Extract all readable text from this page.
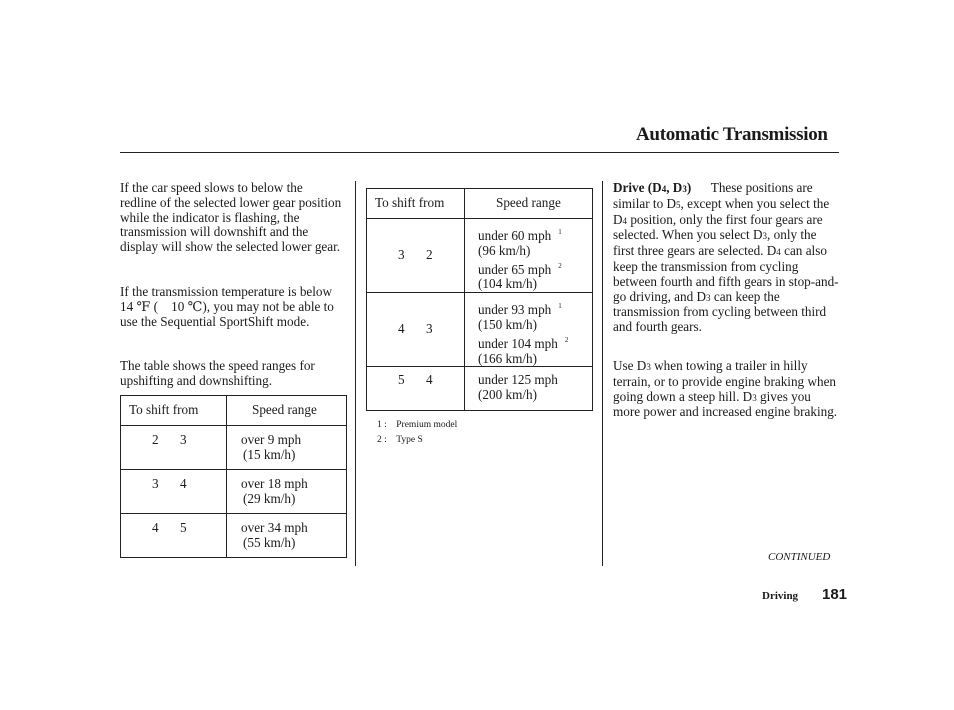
Automatic Transmission

If the car speed slows to below the redline of the selected lower gear position while the indicator is flashing, the transmission will downshift and the display will show the selected lower gear.

If the transmission temperature is below 14 ℉ (　10 ℃), you may not be able to use the Sequential SportShift mode.

The table shows the speed ranges for upshifting and downshifting.

To shift from	Speed range
2 3	over 9 mph
(15 km/h)

3 4	over 18 mph
(29 km/h)

4 5	over 34 mph
(55 km/h)
To shift from	Speed range
3 2	under 60 mph $^1$
(96 km/h)
under 65 mph $^2$
(104 km/h)

4 3	under 93 mph $^1$
(150 km/h)
under 104 mph $^2$
(166 km/h)

5 4	under 125 mph
(200 km/h)
1 :　Premium model
2 :　Type S

Drive (D4, D3) These positions are similar to D5, except when you select the D4 position, only the first four gears are selected. When you select D3, only the first three gears are selected. D4 can also keep the transmission from cycling between fourth and fifth gears in stop-and-go driving, and D3 can keep the transmission from cycling between third and fourth gears.

Use D3 when towing a trailer in hilly terrain, or to provide engine braking when going down a steep hill. D3 gives you more power and increased engine braking.

CONTINUED
Driving 181
